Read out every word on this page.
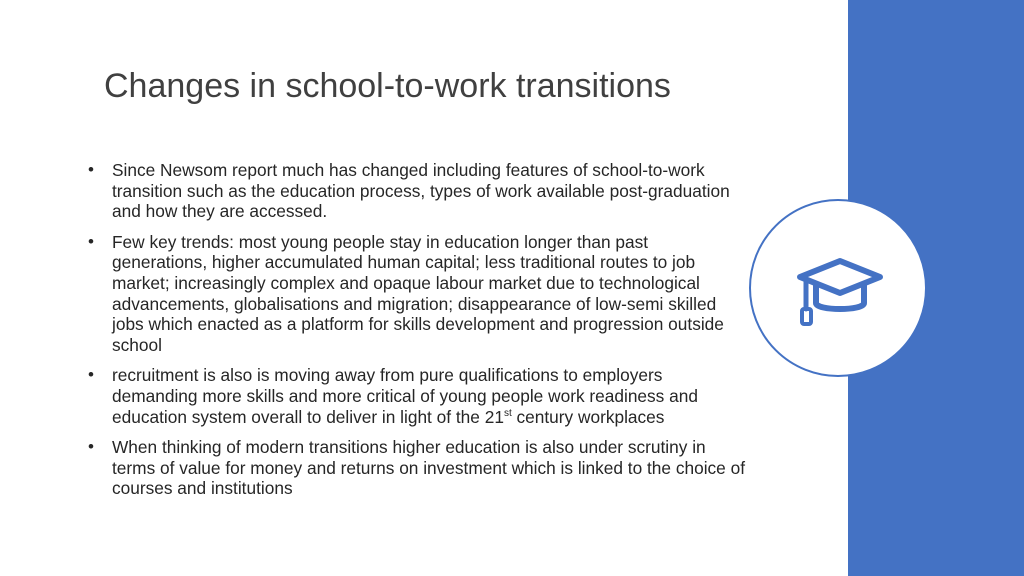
Changes in school-to-work transitions
• Since Newsom report much has changed including features of school-to-work transition such as the education process, types of work available post-graduation and how they are accessed.
• Few key trends: most young people stay in education longer than past generations, higher accumulated human capital; less traditional routes to job market; increasingly complex and opaque labour market due to technological advancements, globalisations and migration; disappearance of low-semi skilled jobs which enacted as a platform for skills development and progression outside school
• recruitment is also is moving away from pure qualifications to employers demanding more skills and more critical of young people work readiness and education system overall to deliver in light of the 21st century workplaces
• When thinking of modern transitions higher education is also under scrutiny in terms of value for money and returns on investment which is linked to the choice of courses and institutions
